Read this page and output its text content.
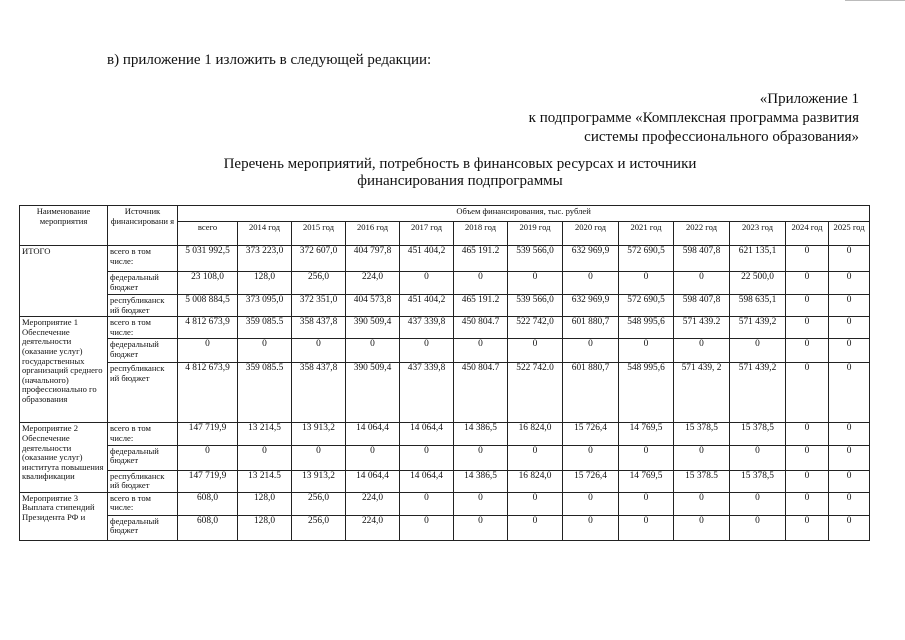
в) приложение 1 изложить в следующей редакции:
«Приложение 1
к подпрограмме «Комплексная программа развития
системы профессионального образования»
Перечень мероприятий, потребность в финансовых ресурсах и источники
финансирования подпрограммы
Наименование мероприятия	Источник финансировани я	Объем финансирования, тыс. рублей												
		всего	2014 год	2015 год	2016 год	2017 год	2018 год	2019 год	2020 год	2021 год	2022 год	2023 год	2024 год	2025 год
ИТОГО	всего в том числе:	5 031 992,5	373 223,0	372 607,0	404 797,8	451 404,2	465 191.2	539 566,0	632 969,9	572 690,5	598 407,8	621 135,1	0	0
	федеральный бюджет	23 108,0	128,0	256,0	224,0	0	0	0	0	0	0	22 500,0	0	0
	республиканск ий бюджет	5 008 884,5	373 095,0	372 351,0	404 573,8	451 404,2	465 191.2	539 566,0	632 969,9	572 690,5	598 407,8	598 635,1	0	0
Мероприятие 1 Обеспечение деятельности (оказание услуг) государственных организаций среднего (начального) профессионально го образования	всего в том числе:	4 812 673,9	359 085.5	358 437,8	390 509,4	437 339,8	450 804.7	522 742,0	601 880,7	548 995,6	571 439.2	571 439,2	0	0
	федеральный бюджет	0	0	0	0	0	0	0	0	0	0	0	0	0
	республиканск ий бюджет	4 812 673,9	359 085.5	358 437,8	390 509,4	437 339,8	450 804.7	522 742.0	601 880,7	548 995,6	571 439, 2	571 439,2	0	0
Мероприятие 2 Обеспечение деятельности (оказание услуг) института повышения квалификации	всего в том числе:	147 719,9	13 214,5	13 913,2	14 064,4	14 064,4	14 386,5	16 824,0	15 726,4	14 769,5	15 378,5	15 378,5	0	0
	федеральный бюджет	0	0	0	0	0	0	0	0	0	0	0	0	0
	республиканск ий бюджет	147 719,9	13 214.5	13 913,2	14 064,4	14 064,4	14 386,5	16 824,0	15 726,4	14 769,5	15 378.5	15 378,5	0	0
Мероприятие 3 Выплата стипендий Президента РФ и	всего в том числе:	608,0	128,0	256,0	224,0	0	0	0	0	0	0	0	0	0
	федеральный бюджет	608,0	128,0	256,0	224,0	0	0	0	0	0	0	0	0	0
